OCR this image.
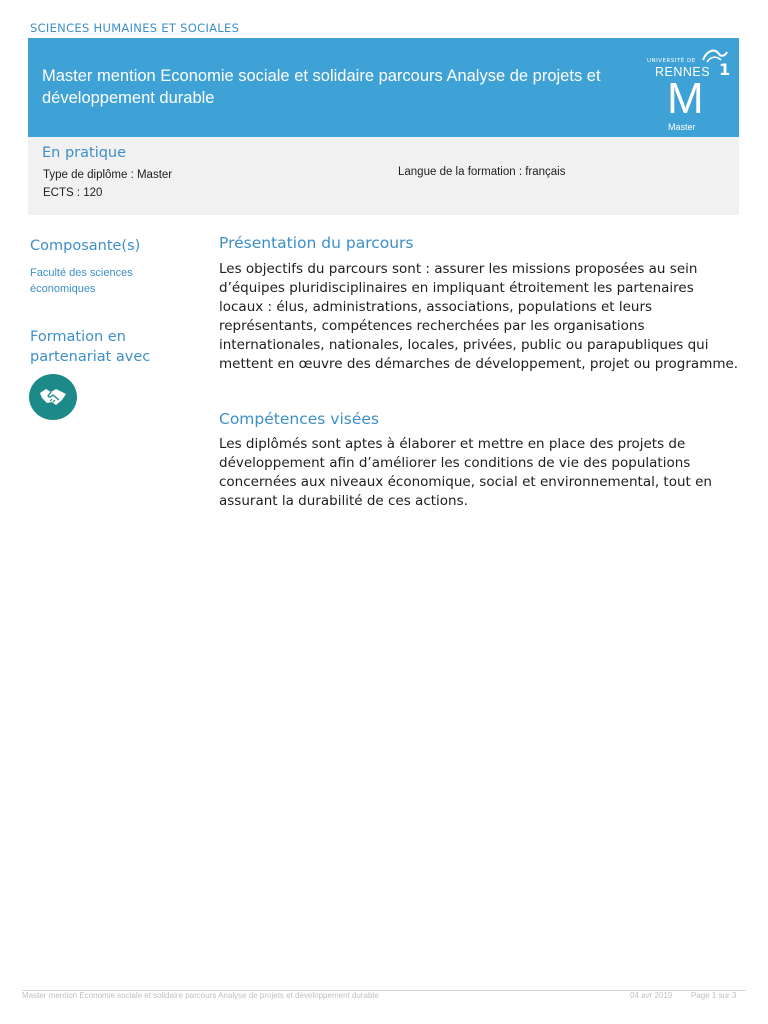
SCIENCES HUMAINES ET SOCIALES
Master mention Economie sociale et solidaire parcours Analyse de projets et développement durable
UNIVERSITÉ DE
RENNES 1
M
Master
En pratique
Type de diplôme : Master
ECTS : 120
Langue de la formation : français
Composante(s)
Faculté des sciences économiques
Formation en partenariat avec
Présentation du parcours

Les objectifs du parcours sont : assurer les missions proposées au sein d’équipes pluridisciplinaires en impliquant étroitement les partenaires locaux : élus, administrations, associations, populations et leurs représentants, compétences recherchées par les organisations internationales, nationales, locales, privées, public ou parapubliques qui mettent en œuvre des démarches de développement, projet ou programme.

Compétences visées

Les diplômés sont aptes à élaborer et mettre en place des projets de développement afin d’améliorer les conditions de vie des populations concernées aux niveaux économique, social et environnemental, tout en assurant la durabilité de ces actions.

Master mention Economie sociale et solidaire parcours Analyse de projets et développement durable	04 avr 2019 Page 1 sur 3
